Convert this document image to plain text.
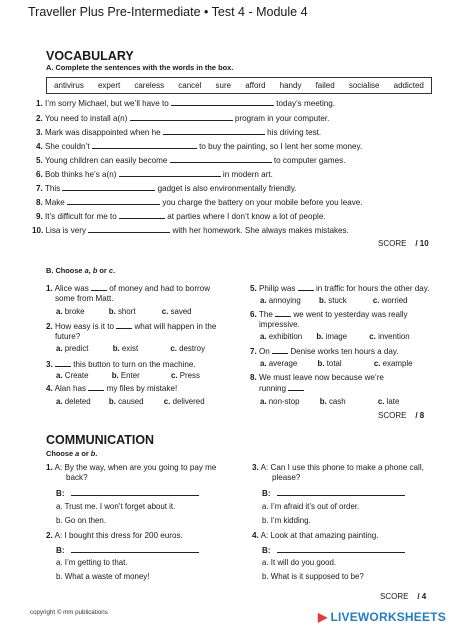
Traveller Plus Pre-Intermediate • Test 4 - Module 4
VOCABULARY
A. Complete the sentences with the words in the box.
antivirus expert careless cancel sure afford handy failed socialise addicted
1. I’m sorry Michael, but we’ll have to	today’s meeting.
2. You need to install a(n)	program in your computer.
3. Mark was disappointed when he	his driving test.
4. She couldn’t	to buy the painting, so I lent her some money.
5. Young children can easily become	to computer games.
6. Bob thinks he’s a(n)	in modern art.
7. This	gadget is also environmentally friendly.
8. Make	you charge the battery on your mobile before you leave.
9. It’s difficult for me to	at parties where I don’t know a lot of people.
10. Lisa is very	with her homework. She always makes mistakes.
SCORE / 10
B. Choose a, b or c.
1. Alice was	of money and had to borrow
some from Matt.
a. broke	b. short	c. saved
2. How easy is it to	what will happen in the
future?
a. predict	b. exist	c. destroy
3.	this button to turn on the machine.
a. Create	b. Enter	c. Press
4. Alan has	my files by mistake!
a. deleted b. caused	c. delivered
5. Philip was	in traffic for hours the other day.
a. annoying b. stuck	c. worried
6. The	we went to yesterday was really
impressive.
a. exhibition b. image	c. invention
7. On	Denise works ten hours a day.
a. average	b. total	c. example
8. We must leave now because we’re
running
a. non-stop	b. cash	c. late
SCORE / 8
COMMUNICATION
Choose a or b.
1. A: By the way, when are you going to pay me
back?
B:
a. Trust me. I won’t forget about it.
b. Go on then.
2. A: I bought this dress for 200 euros.
B:
a. I’m getting to that.
b. What a waste of money!
3. A: Can I use this phone to make a phone call,
please?
B:
a. I’m afraid it’s out of order.
b. I’m kidding.
4. A: Look at that amazing painting.
B:
a. It will do you good.
b. What is it supposed to be?
SCORE / 4
copyright © mm publications	▶ LIVEWORKSHEETS
